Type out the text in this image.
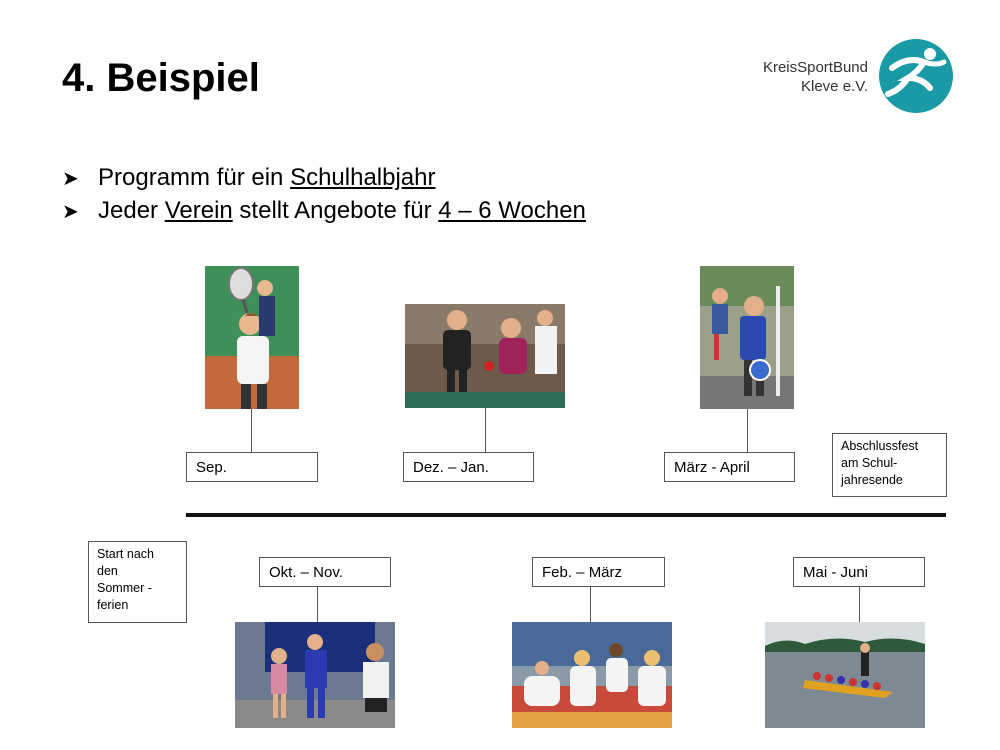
4. Beispiel	KreisSportBund
Kleve e.V.
➤ Programm für ein Schulhalbjahr
➤ Jeder Verein stellt Angebote für 4 – 6 Wochen
Sep.	Dez. – Jan.	März - April
Abschlussfest
am Schul-
jahresende
Start nach
den
Sommer -
ferien
Okt. – Nov.	Feb. – März	Mai - Juni
